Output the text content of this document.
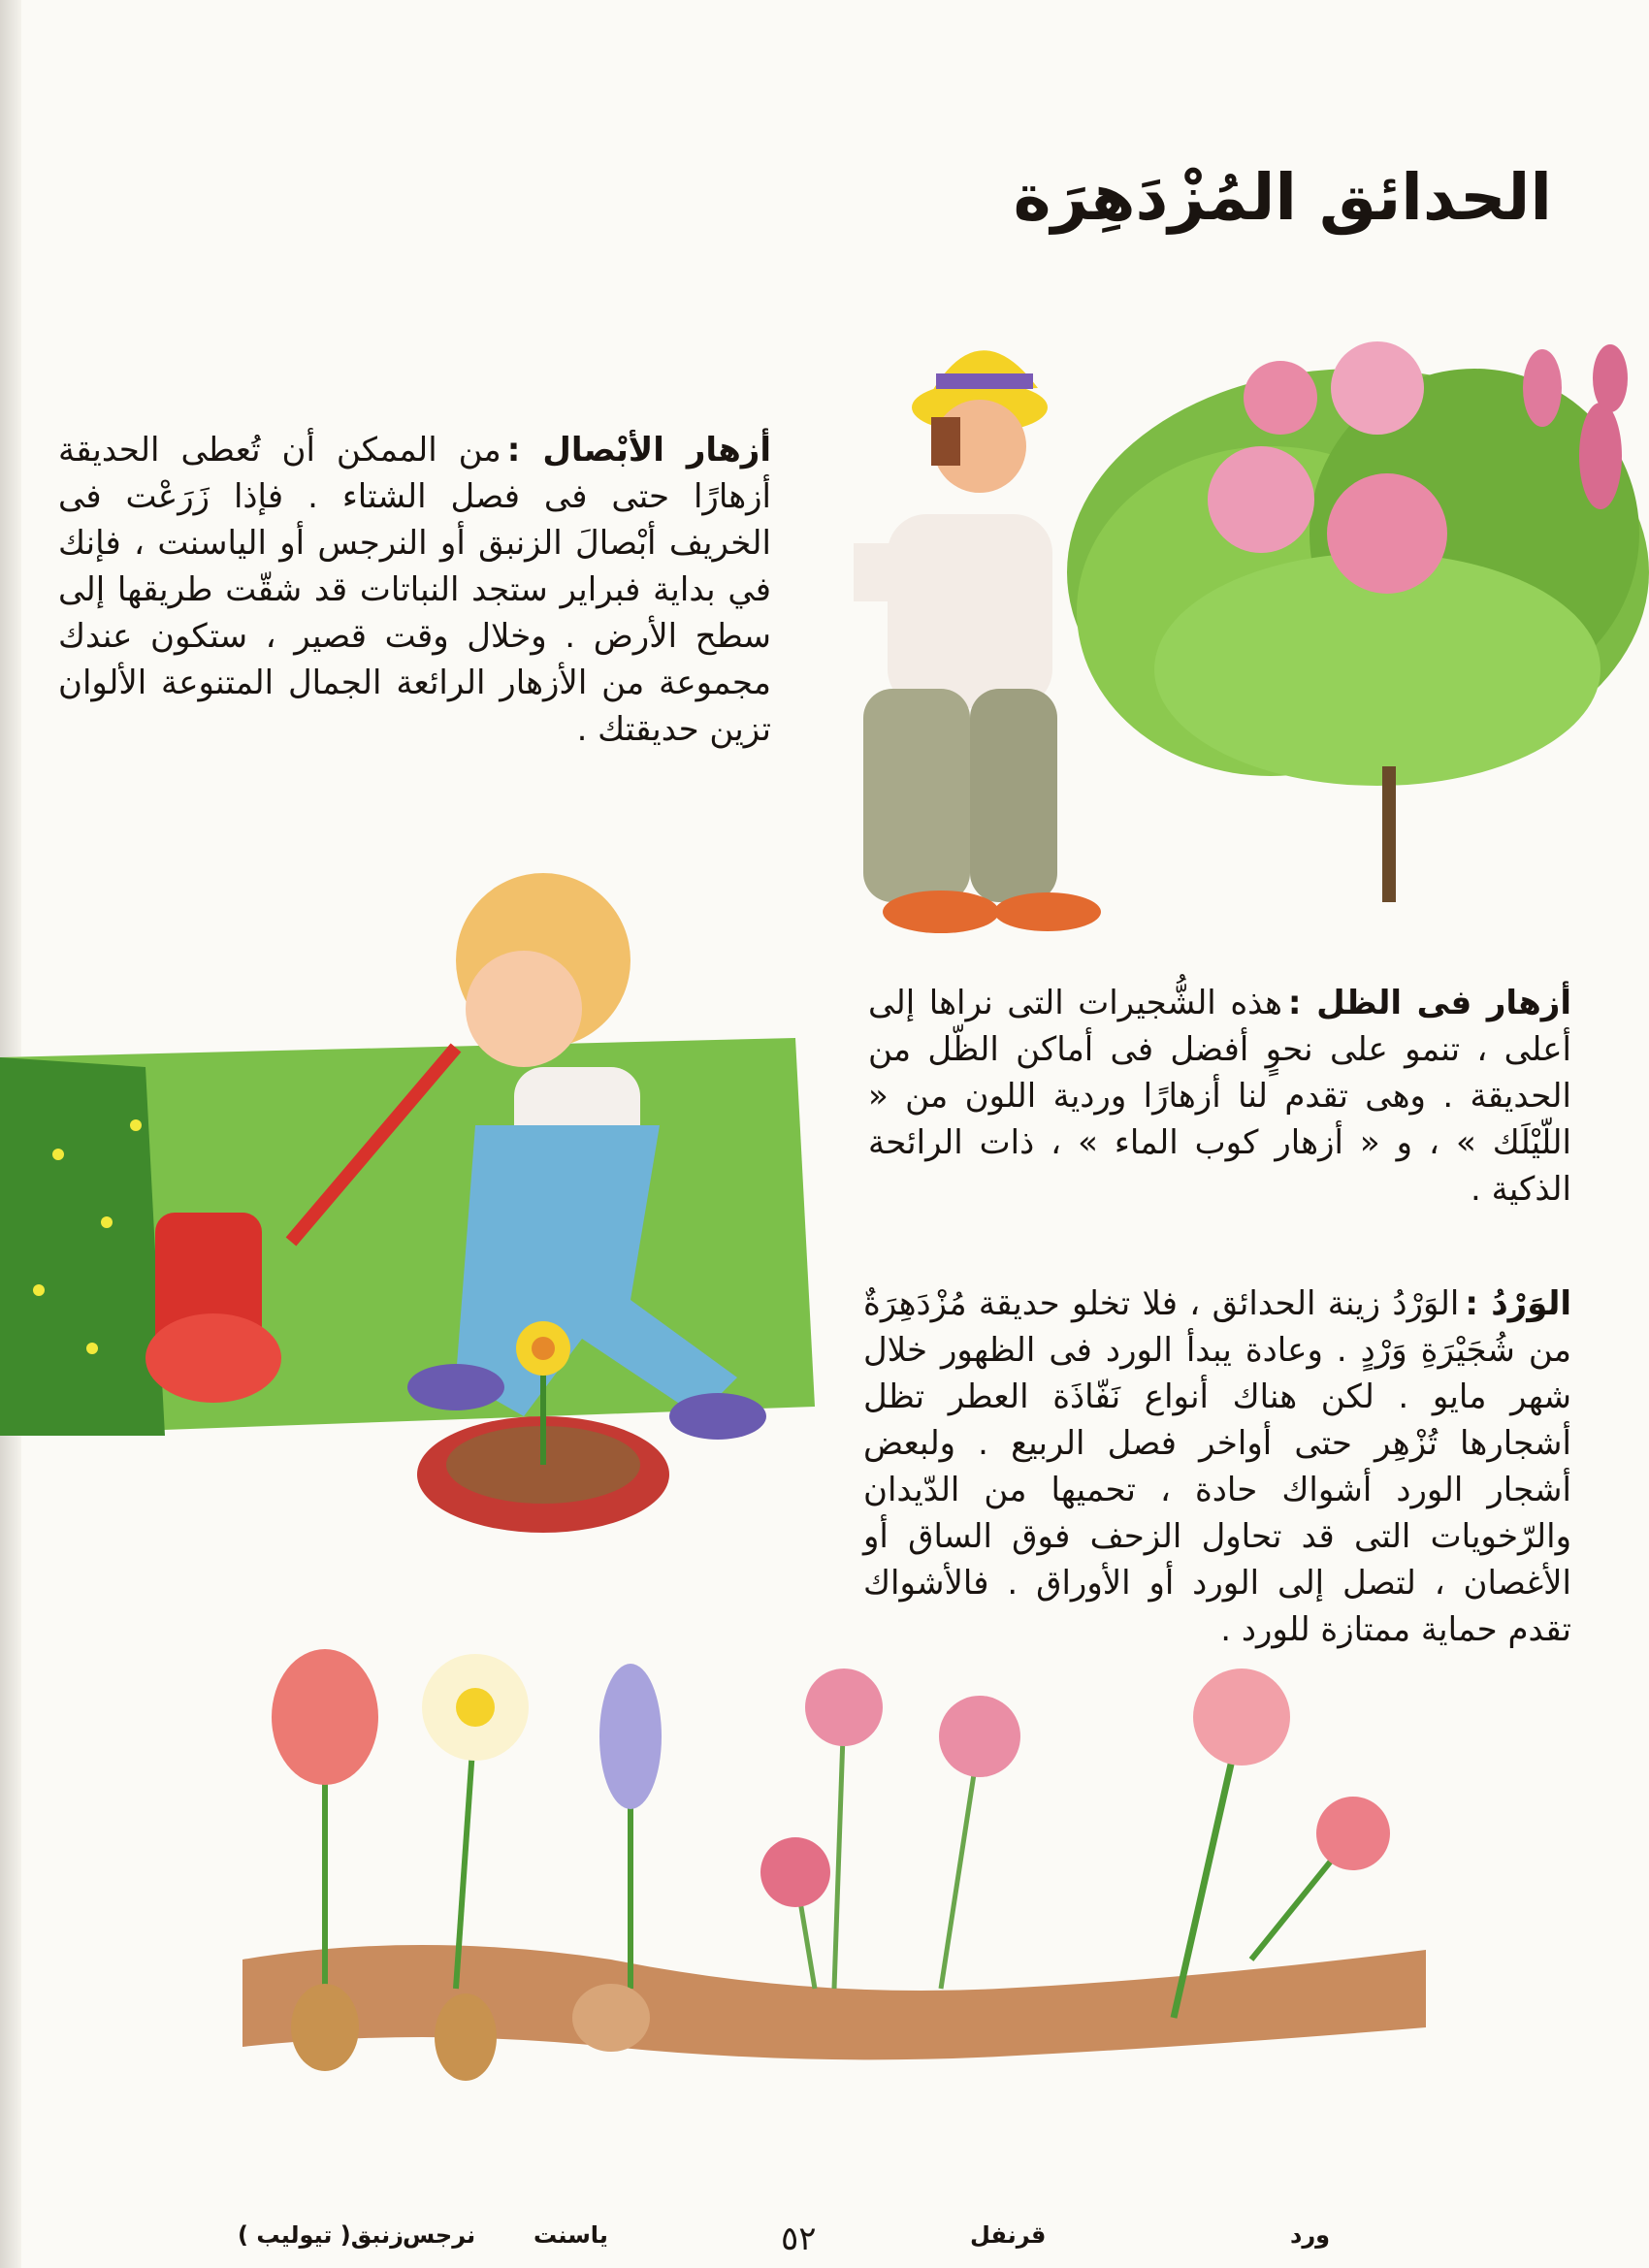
الحدائق المُزْدَهِرَة
أزهار الأبْصال :من الممكن أن تُعطى الحديقة أزهارًا حتى فى فصل الشتاء . فإذا زَرَعْت فى الخريف أبْصالَ الزنبق أو النرجس أو الياسنت ، فإنك في بداية فبراير ستجد النباتات قد شقّت طريقها إلى سطح الأرض . وخلال وقت قصير ، ستكون عندك مجموعة من الأزهار الرائعة الجمال المتنوعة الألوان تزين حديقتك .
أزهار فى الظل :هذه الشُّجيرات التى نراها إلى أعلى ، تنمو على نحوٍ أفضل فى أماكن الظّل من الحديقة . وهى تقدم لنا أزهارًا وردية اللون من « اللّيْلَك » ، و « أزهار كوب الماء » ، ذات الرائحة الذكية .
الوَرْدُ :الوَرْدُ زينة الحدائق ، فلا تخلو حديقة مُزْدَهِرَةٌ من شُجَيْرَةِ وَرْدٍ . وعادة يبدأ الورد فى الظهور خلال شهر مايو . لكن هناك أنواع نَفّاذَة العطر تظل أشجارها تُزْهِر حتى أواخر فصل الربيع . ولبعض أشجار الورد أشواك حادة ، تحميها من الدّيدان والرّخويات التى قد تحاول الزحف فوق الساق أو الأغصان ، لتصل إلى الورد أو الأوراق . فالأشواك تقدم حماية ممتازة للورد .
ورد
قرنفل
٥٢
ياسنت
نرجس
زنبق( تيوليب )
